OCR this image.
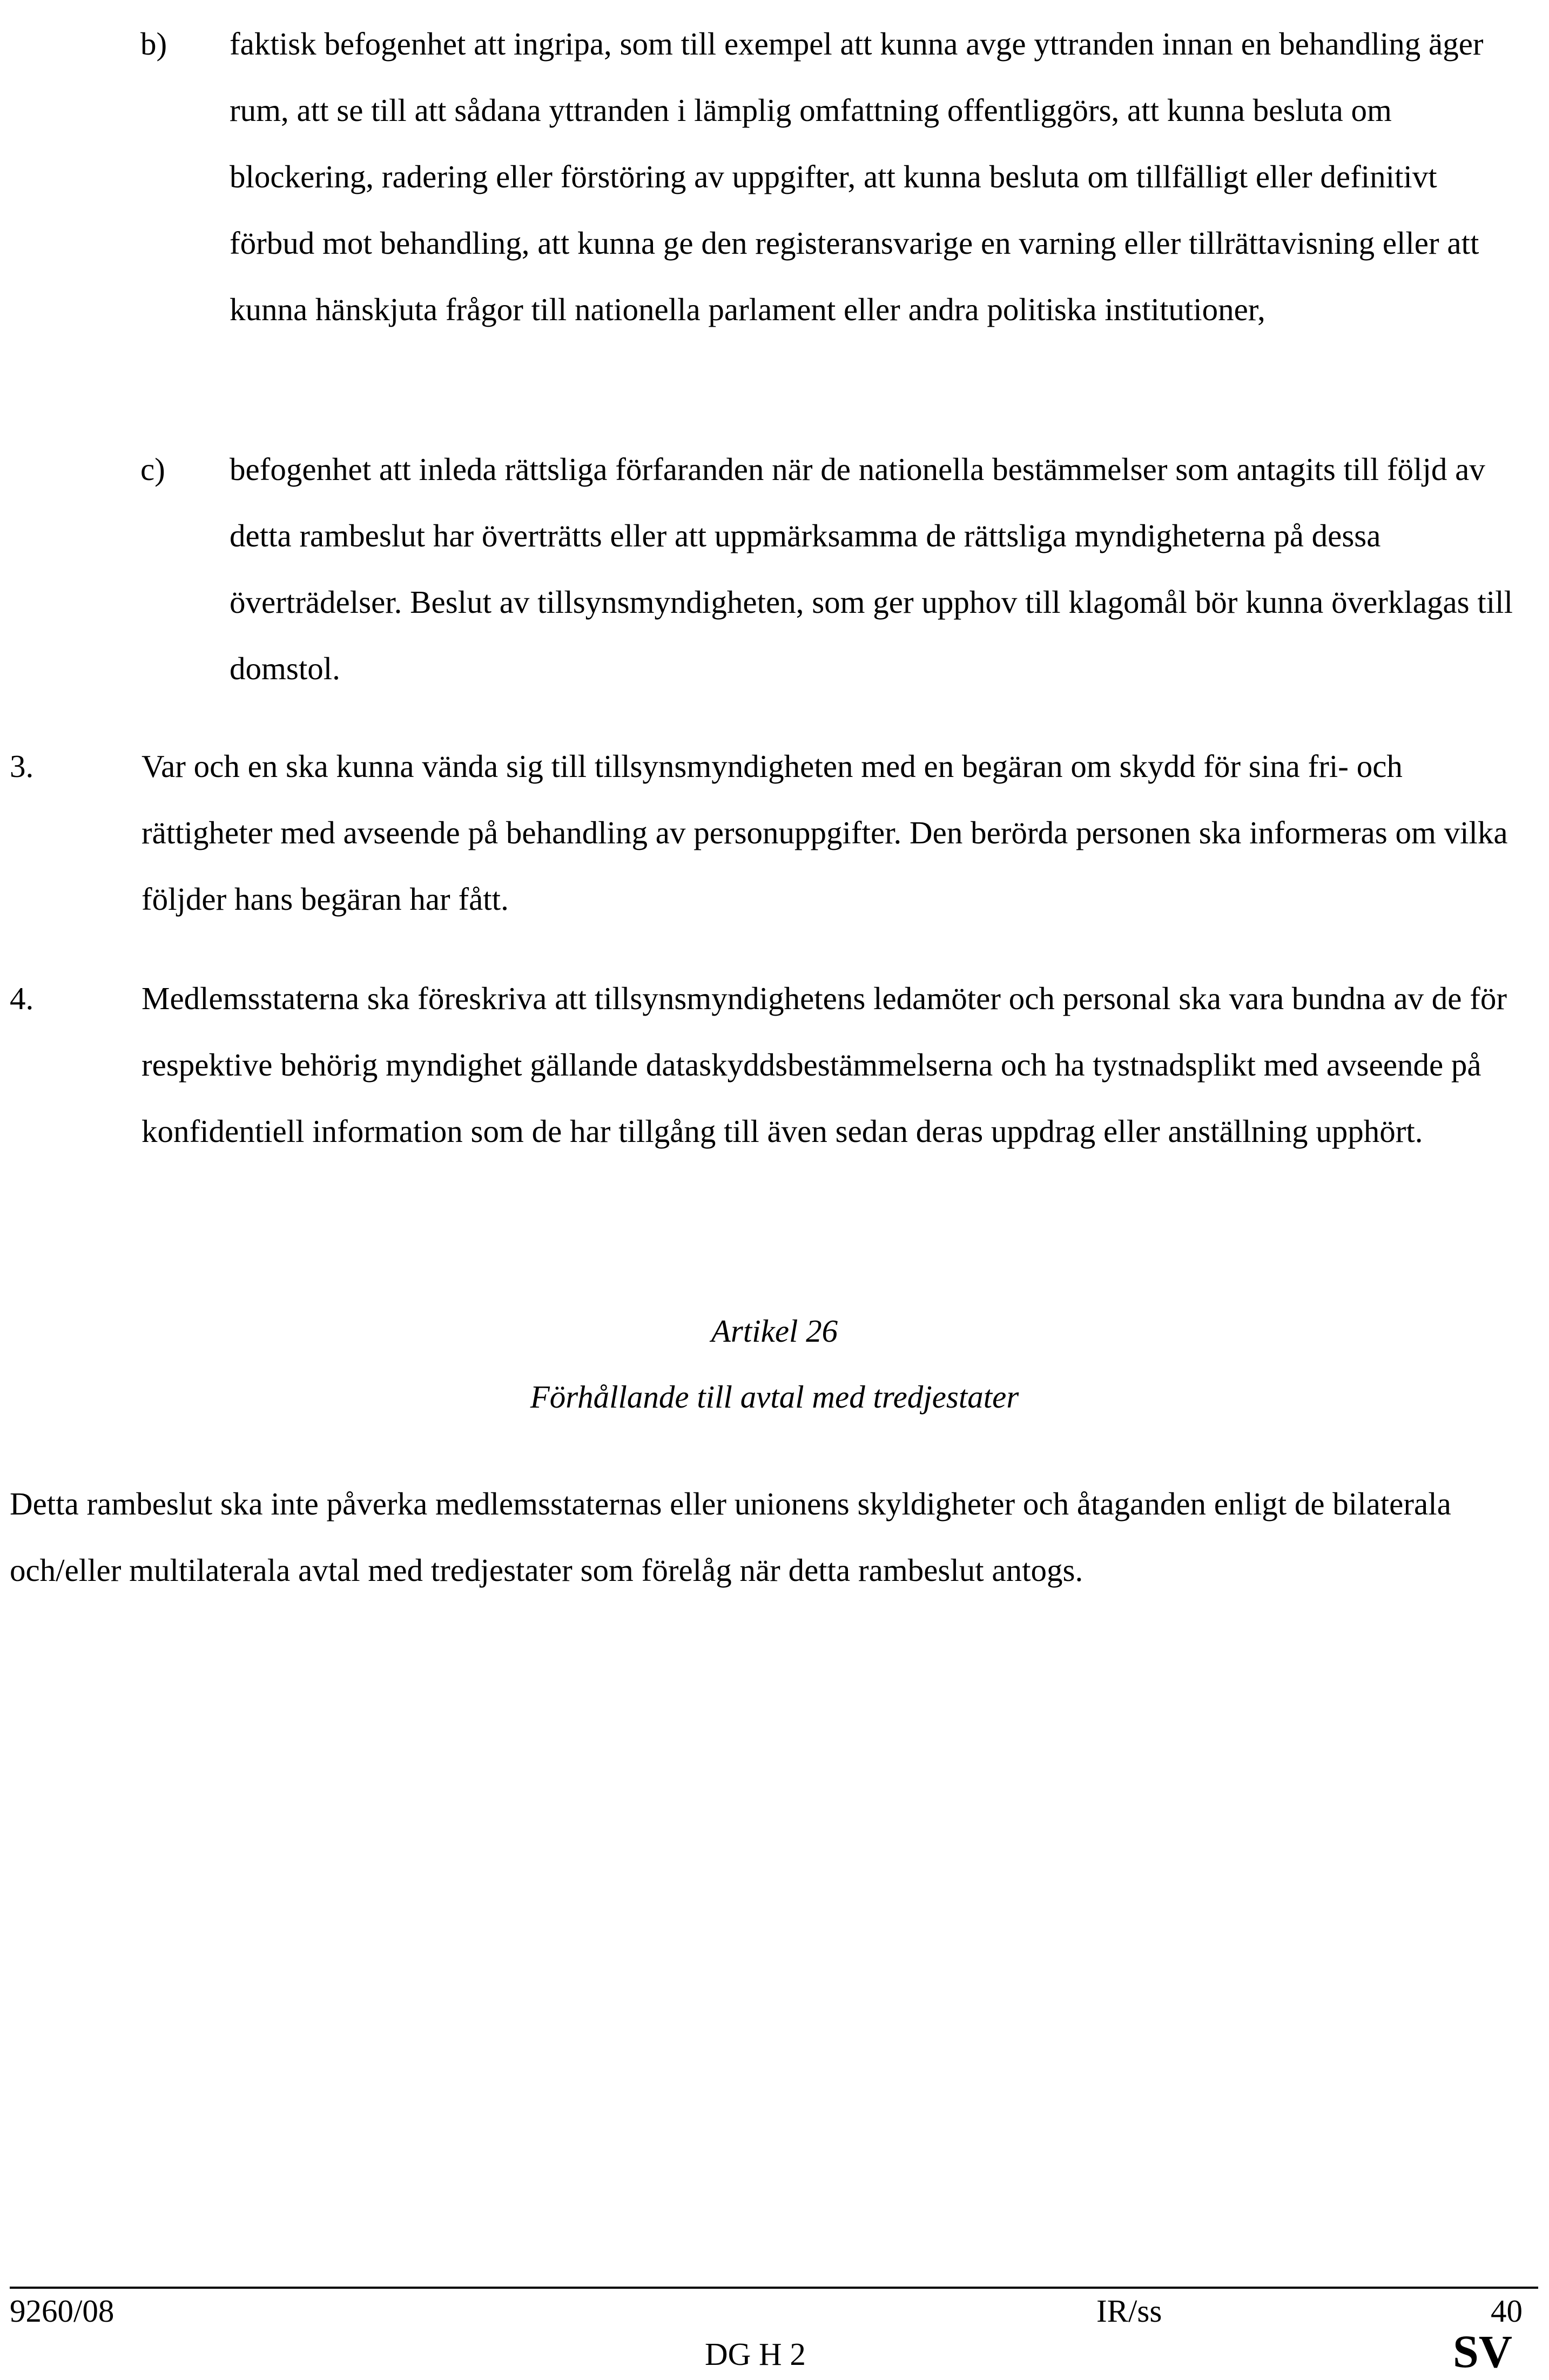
b) faktisk befogenhet att ingripa, som till exempel att kunna avge yttranden innan en behandling äger rum, att se till att sådana yttranden i lämplig omfattning offentliggörs, att kunna besluta om blockering, radering eller förstöring av uppgifter, att kunna besluta om tillfälligt eller definitivt förbud mot behandling, att kunna ge den registeransvarige en varning eller tillrättavisning eller att kunna hänskjuta frågor till nationella parlament eller andra politiska institutioner,
c) befogenhet att inleda rättsliga förfaranden när de nationella bestämmelser som antagits till följd av detta rambeslut har överträtts eller att uppmärksamma de rättsliga myndigheterna på dessa överträdelser. Beslut av tillsynsmyndigheten, som ger upphov till klagomål bör kunna överklagas till domstol.
3.	Var och en ska kunna vända sig till tillsynsmyndigheten med en begäran om skydd för sina fri- och rättigheter med avseende på behandling av personuppgifter. Den berörda personen ska informeras om vilka följder hans begäran har fått.
4.	Medlemsstaterna ska föreskriva att tillsynsmyndighetens ledamöter och personal ska vara bundna av de för respektive behörig myndighet gällande dataskyddsbestämmelserna och ha tystnadsplikt med avseende på konfidentiell information som de har tillgång till även sedan deras uppdrag eller anställning upphört.
Artikel 26
Förhållande till avtal med tredjestater
Detta rambeslut ska inte påverka medlemsstaternas eller unionens skyldigheter och åtaganden enligt de bilaterala och/eller multilaterala avtal med tredjestater som förelåg när detta rambeslut antogs.
9260/08	IR/ss	40
DG H 2	SV
